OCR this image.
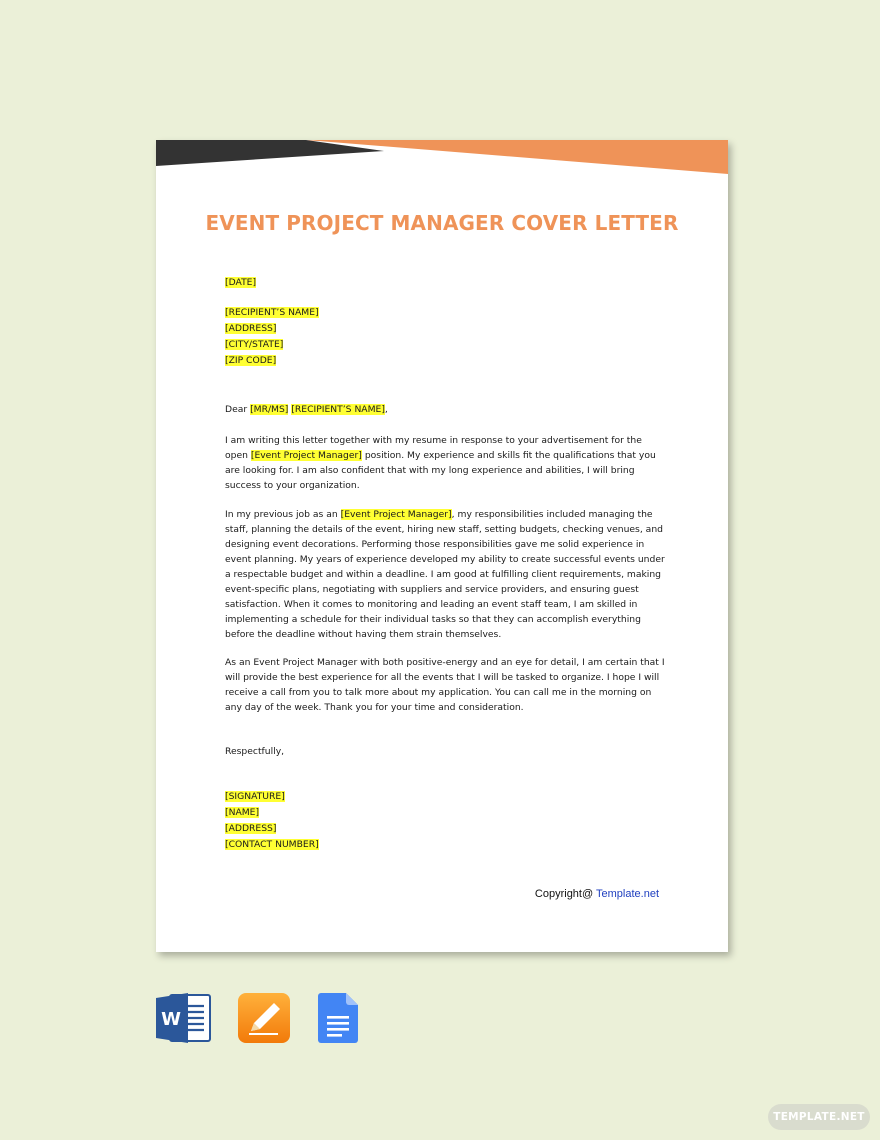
EVENT PROJECT MANAGER COVER LETTER
[DATE]
[RECIPIENT’S NAME]
[ADDRESS]
[CITY/STATE]
[ZIP CODE]
Dear [MR/MS] [RECIPIENT’S NAME],

I am writing this letter together with my resume in response to your advertisement for the open [Event Project Manager] position. My experience and skills fit the qualifications that you are looking for. I am also confident that with my long experience and abilities, I will bring success to your organization.

In my previous job as an [Event Project Manager], my responsibilities included managing the staff, planning the details of the event, hiring new staff, setting budgets, checking venues, and designing event decorations. Performing those responsibilities gave me solid experience in event planning. My years of experience developed my ability to create successful events under a respectable budget and within a deadline. I am good at fulfilling client requirements, making event-specific plans, negotiating with suppliers and service providers, and ensuring guest satisfaction. When it comes to monitoring and leading an event staff team, I am skilled in implementing a schedule for their individual tasks so that they can accomplish everything before the deadline without having them strain themselves.

As an Event Project Manager with both positive-energy and an eye for detail, I am certain that I will provide the best experience for all the events that I will be tasked to organize. I hope I will receive a call from you to talk more about my application. You can call me in the morning on any day of the week. Thank you for your time and consideration.

Respectfully,
[SIGNATURE]
[NAME]
[ADDRESS]
[CONTACT NUMBER]
Copyright@ Template.net
W
TEMPLATE.NET
